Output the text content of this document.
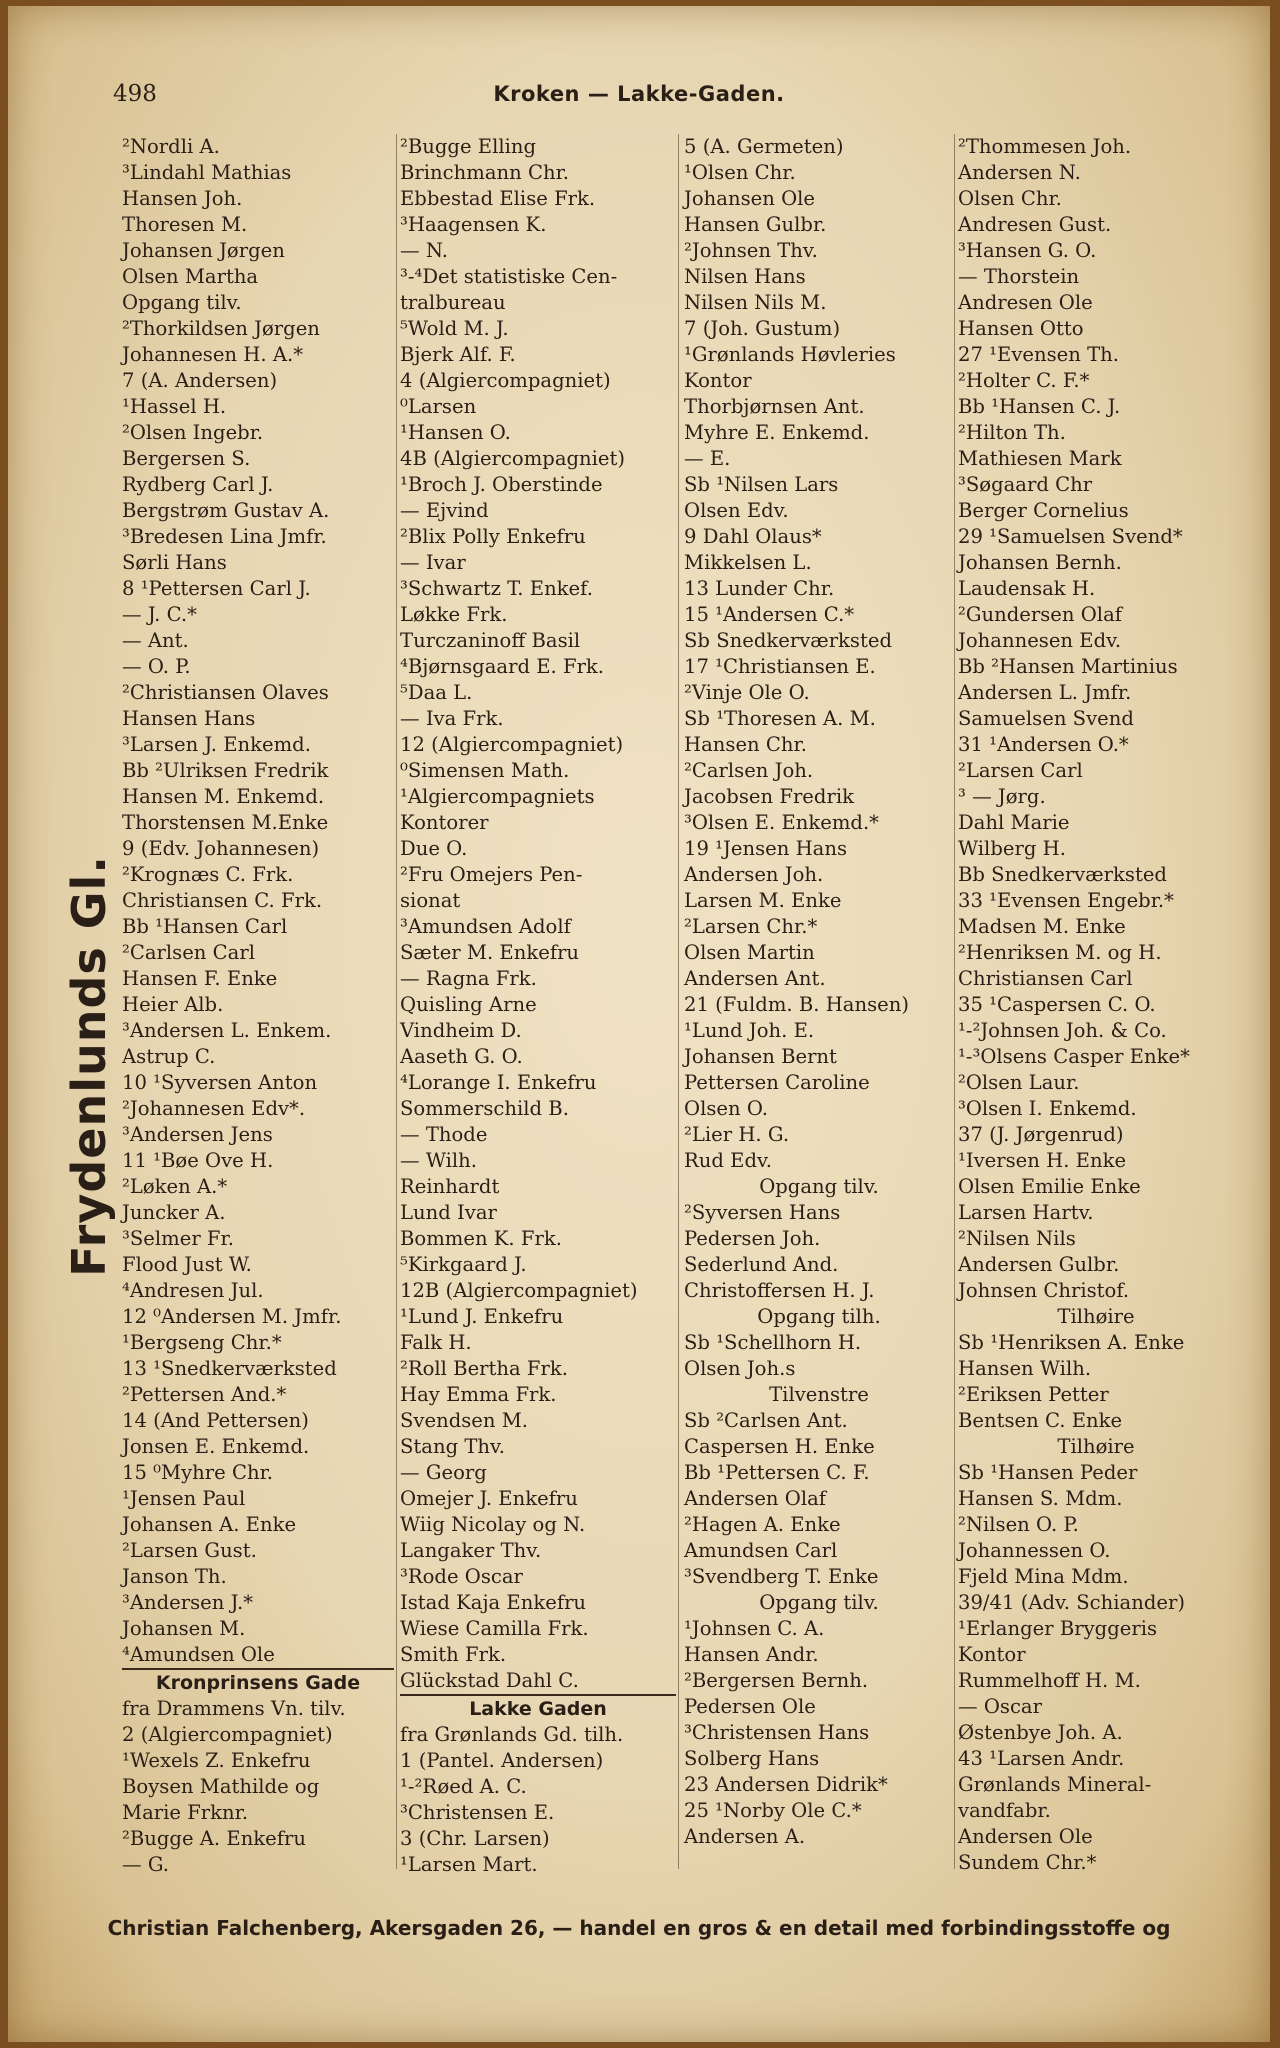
498	Kroken — Lakke-Gaden.
Frydenlunds Gl.
²Nordli A.
³Lindahl Mathias
Hansen Joh.
Thoresen M.
Johansen Jørgen
Olsen Martha
Opgang tilv.
²Thorkildsen Jørgen
Johannesen H. A.*
7 (A. Andersen)
¹Hassel H.
²Olsen Ingebr.
Bergersen S.
Rydberg Carl J.
Bergstrøm Gustav A.
³Bredesen Lina Jmfr.
Sørli Hans
8 ¹Pettersen Carl J.
— J. C.*
— Ant.
— O. P.
²Christiansen Olaves
Hansen Hans
³Larsen J. Enkemd.
Bb ²Ulriksen Fredrik
Hansen M. Enkemd.
Thorstensen M.Enke
9 (Edv. Johannesen)
²Krognæs C. Frk.
Christiansen C. Frk.
Bb ¹Hansen Carl
²Carlsen Carl
Hansen F. Enke
Heier Alb.
³Andersen L. Enkem.
Astrup C.
10 ¹Syversen Anton
²Johannesen Edv*.
³Andersen Jens
11 ¹Bøe Ove H.
²Løken A.*
Juncker A.
³Selmer Fr.
Flood Just W.
⁴Andresen Jul.
12 ⁰Andersen M. Jmfr.
¹Bergseng Chr.*
13 ¹Snedkerværksted
²Pettersen And.*
14 (And Pettersen)
Jonsen E. Enkemd.
15 ⁰Myhre Chr.
¹Jensen Paul
Johansen A. Enke
²Larsen Gust.
Janson Th.
³Andersen J.*
Johansen M.
⁴Amundsen Ole
Kronprinsens Gade
fra Drammens Vn. tilv.
2 (Algiercompagniet)
¹Wexels Z. Enkefru
Boysen Mathilde og
Marie Frknr.
²Bugge A. Enkefru
— G.
²Bugge Elling
Brinchmann Chr.
Ebbestad Elise Frk.
³Haagensen K.
— N.
³-⁴Det statistiske Cen-
tralbureau
⁵Wold M. J.
Bjerk Alf. F.
4 (Algiercompagniet)
⁰Larsen
¹Hansen O.
4B (Algiercompagniet)
¹Broch J. Oberstinde
— Ejvind
²Blix Polly Enkefru
— Ivar
³Schwartz T. Enkef.
Løkke Frk.
Turczaninoff Basil
⁴Bjørnsgaard E. Frk.
⁵Daa L.
— Iva Frk.
12 (Algiercompagniet)
⁰Simensen Math.
¹Algiercompagniets
Kontorer
Due O.
²Fru Omejers Pen-
sionat
³Amundsen Adolf
Sæter M. Enkefru
— Ragna Frk.
Quisling Arne
Vindheim D.
Aaseth G. O.
⁴Lorange I. Enkefru
Sommerschild B.
— Thode
— Wilh.
Reinhardt
Lund Ivar
Bommen K. Frk.
⁵Kirkgaard J.
12B (Algiercompagniet)
¹Lund J. Enkefru
Falk H.
²Roll Bertha Frk.
Hay Emma Frk.
Svendsen M.
Stang Thv.
— Georg
Omejer J. Enkefru
Wiig Nicolay og N.
Langaker Thv.
³Rode Oscar
Istad Kaja Enkefru
Wiese Camilla Frk.
Smith Frk.
Glückstad Dahl C.
Lakke Gaden
fra Grønlands Gd. tilh.
1 (Pantel. Andersen)
¹-²Røed A. C.
³Christensen E.
3 (Chr. Larsen)
¹Larsen Mart.
5 (A. Germeten)
¹Olsen Chr.
Johansen Ole
Hansen Gulbr.
²Johnsen Thv.
Nilsen Hans
Nilsen Nils M.
7 (Joh. Gustum)
¹Grønlands Høvleries
Kontor
Thorbjørnsen Ant.
Myhre E. Enkemd.
— E.
Sb ¹Nilsen Lars
Olsen Edv.
9 Dahl Olaus*
Mikkelsen L.
13 Lunder Chr.
15 ¹Andersen C.*
Sb Snedkerværksted
17 ¹Christiansen E.
²Vinje Ole O.
Sb ¹Thoresen A. M.
Hansen Chr.
²Carlsen Joh.
Jacobsen Fredrik
³Olsen E. Enkemd.*
19 ¹Jensen Hans
Andersen Joh.
Larsen M. Enke
²Larsen Chr.*
Olsen Martin
Andersen Ant.
21 (Fuldm. B. Hansen)
¹Lund Joh. E.
Johansen Bernt
Pettersen Caroline
Olsen O.
²Lier H. G.
Rud Edv.
Opgang tilv.
²Syversen Hans
Pedersen Joh.
Sederlund And.
Christoffersen H. J.
Opgang tilh.
Sb ¹Schellhorn H.
Olsen Joh.s
Tilvenstre
Sb ²Carlsen Ant.
Caspersen H. Enke
Bb ¹Pettersen C. F.
Andersen Olaf
²Hagen A. Enke
Amundsen Carl
³Svendberg T. Enke
Opgang tilv.
¹Johnsen C. A.
Hansen Andr.
²Bergersen Bernh.
Pedersen Ole
³Christensen Hans
Solberg Hans
23 Andersen Didrik*
25 ¹Norby Ole C.*
Andersen A.
²Thommesen Joh.
Andersen N.
Olsen Chr.
Andresen Gust.
³Hansen G. O.
— Thorstein
Andresen Ole
Hansen Otto
27 ¹Evensen Th.
²Holter C. F.*
Bb ¹Hansen C. J.
²Hilton Th.
Mathiesen Mark
³Søgaard Chr
Berger Cornelius
29 ¹Samuelsen Svend*
Johansen Bernh.
Laudensak H.
²Gundersen Olaf
Johannesen Edv.
Bb ²Hansen Martinius
Andersen L. Jmfr.
Samuelsen Svend
31 ¹Andersen O.*
²Larsen Carl
³ — Jørg.
Dahl Marie
Wilberg H.
Bb Snedkerværksted
33 ¹Evensen Engebr.*
Madsen M. Enke
²Henriksen M. og H.
Christiansen Carl
35 ¹Caspersen C. O.
¹-²Johnsen Joh. & Co.
¹-³Olsens Casper Enke*
²Olsen Laur.
³Olsen I. Enkemd.
37 (J. Jørgenrud)
¹Iversen H. Enke
Olsen Emilie Enke
Larsen Hartv.
²Nilsen Nils
Andersen Gulbr.
Johnsen Christof.
Tilhøire
Sb ¹Henriksen A. Enke
Hansen Wilh.
²Eriksen Petter
Bentsen C. Enke
Tilhøire
Sb ¹Hansen Peder
Hansen S. Mdm.
²Nilsen O. P.
Johannessen O.
Fjeld Mina Mdm.
39/41 (Adv. Schiander)
¹Erlanger Bryggeris
Kontor
Rummelhoff H. M.
— Oscar
Østenbye Joh. A.
43 ¹Larsen Andr.
Grønlands Mineral-
vandfabr.
Andersen Ole
Sundem Chr.*
Christian Falchenberg, Akersgaden 26, — handel en gros & en detail med forbindingsstoffe og
